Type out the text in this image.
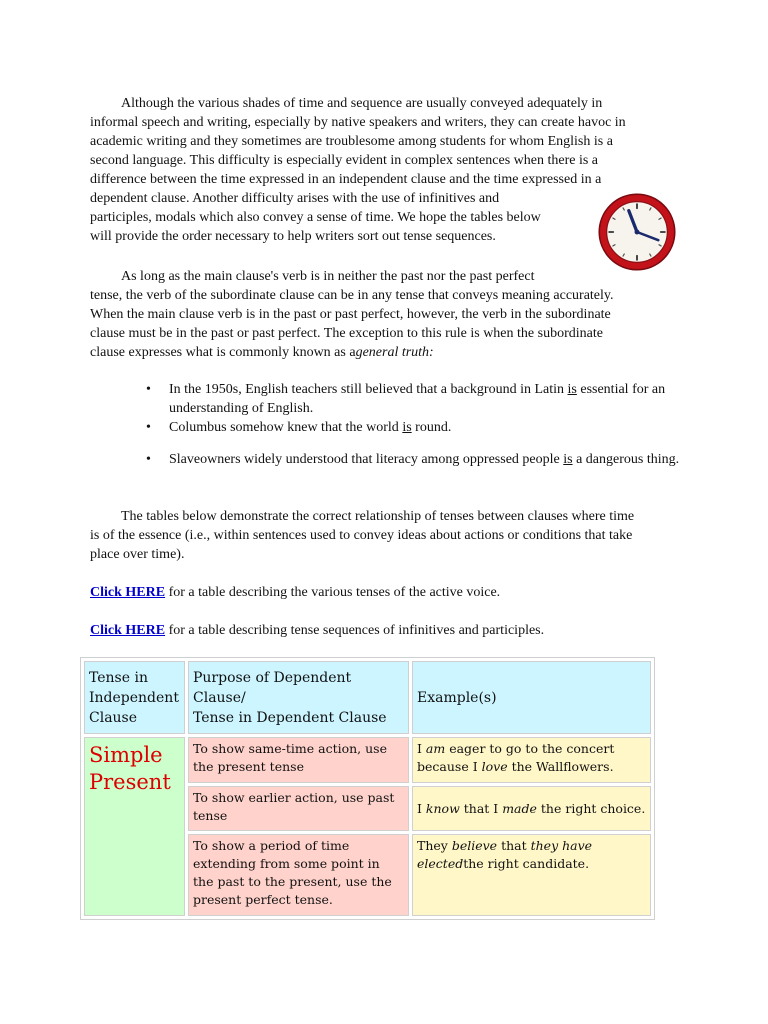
Although the various shades of time and sequence are usually conveyed adequately in
informal speech and writing, especially by native speakers and writers, they can create havoc in
academic writing and they sometimes are troublesome among students for whom English is a
second language. This difficulty is especially evident in complex sentences when there is a
difference between the time expressed in an independent clause and the time expressed in a
dependent clause. Another difficulty arises with the use of infinitives and
participles, modals which also convey a sense of time. We hope the tables below
will provide the order necessary to help writers sort out tense sequences.
As long as the main clause's verb is in neither the past nor the past perfect
tense, the verb of the subordinate clause can be in any tense that conveys meaning accurately.
When the main clause verb is in the past or past perfect, however, the verb in the subordinate
clause must be in the past or past perfect. The exception to this rule is when the subordinate
clause expresses what is commonly known as ageneral truth:
• In the 1950s, English teachers still believed that a background in Latin is essential for an understanding of English.
• Columbus somehow knew that the world is round.
• Slaveowners widely understood that literacy among oppressed people is a dangerous thing.
The tables below demonstrate the correct relationship of tenses between clauses where time
is of the essence (i.e., within sentences used to convey ideas about actions or conditions that take
place over time).
Click HERE for a table describing the various tenses of the active voice.
Click HERE for a table describing tense sequences of infinitives and participles.
Tense in
Independent
Clause	Purpose of Dependent
Clause/
Tense in Dependent Clause	Example(s)

Simple
Present	To show same-time action, use the present tense	I am eager to go to the concert because I love the Wallflowers.
	To show earlier action, use past tense	I know that I made the right choice.
	To show a period of time extending from some point in the past to the present, use the present perfect tense.	They believe that they have electedthe right candidate.
